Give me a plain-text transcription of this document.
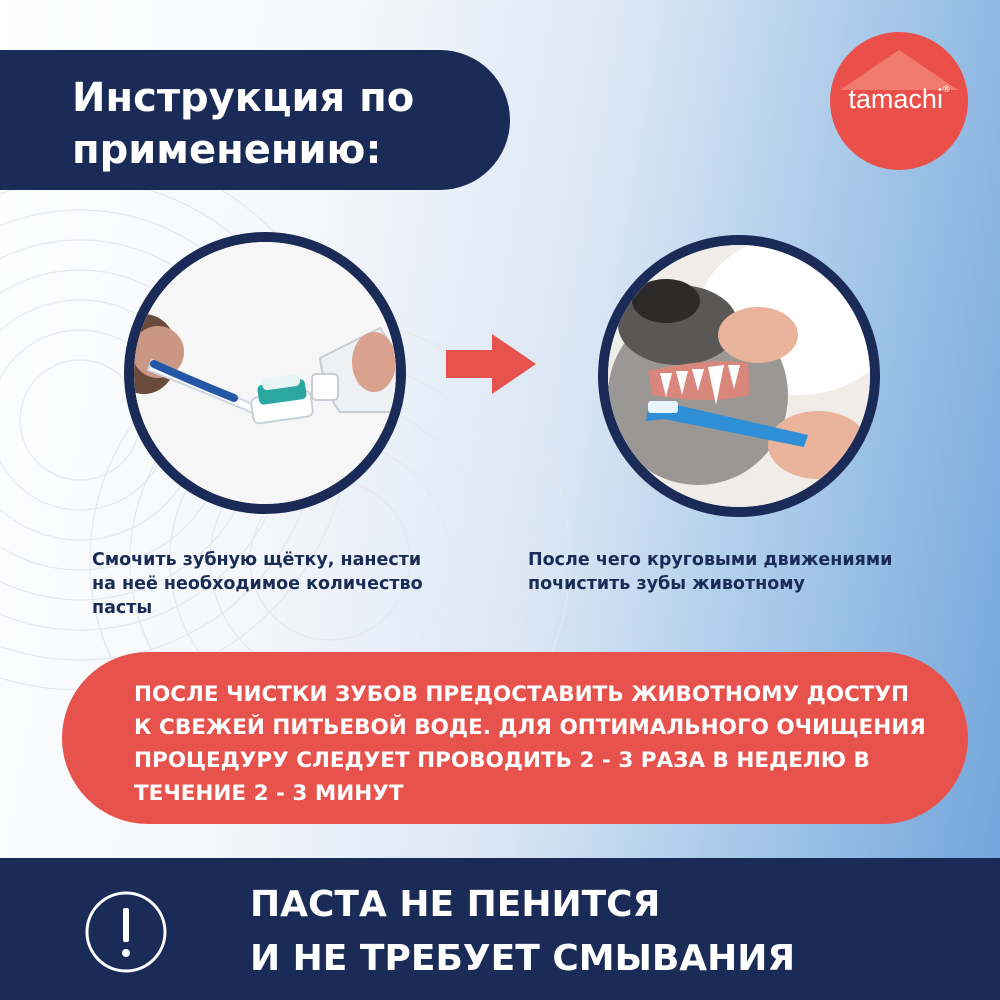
Инструкция по
применению:
tamachi®

Смочить зубную щётку, нанести
на неё необходимое количество
пасты

После чего круговыми движениями
почистить зубы животному

ПОСЛЕ ЧИСТКИ ЗУБОВ ПРЕДОСТАВИТЬ ЖИВОТНОМУ ДОСТУП
К СВЕЖЕЙ ПИТЬЕВОЙ ВОДЕ. ДЛЯ ОПТИМАЛЬНОГО ОЧИЩЕНИЯ
ПРОЦЕДУРУ СЛЕДУЕТ ПРОВОДИТЬ 2 - 3 РАЗА В НЕДЕЛЮ В
ТЕЧЕНИЕ 2 - 3 МИНУТ

ПАСТА НЕ ПЕНИТСЯ
И НЕ ТРЕБУЕТ СМЫВАНИЯ
